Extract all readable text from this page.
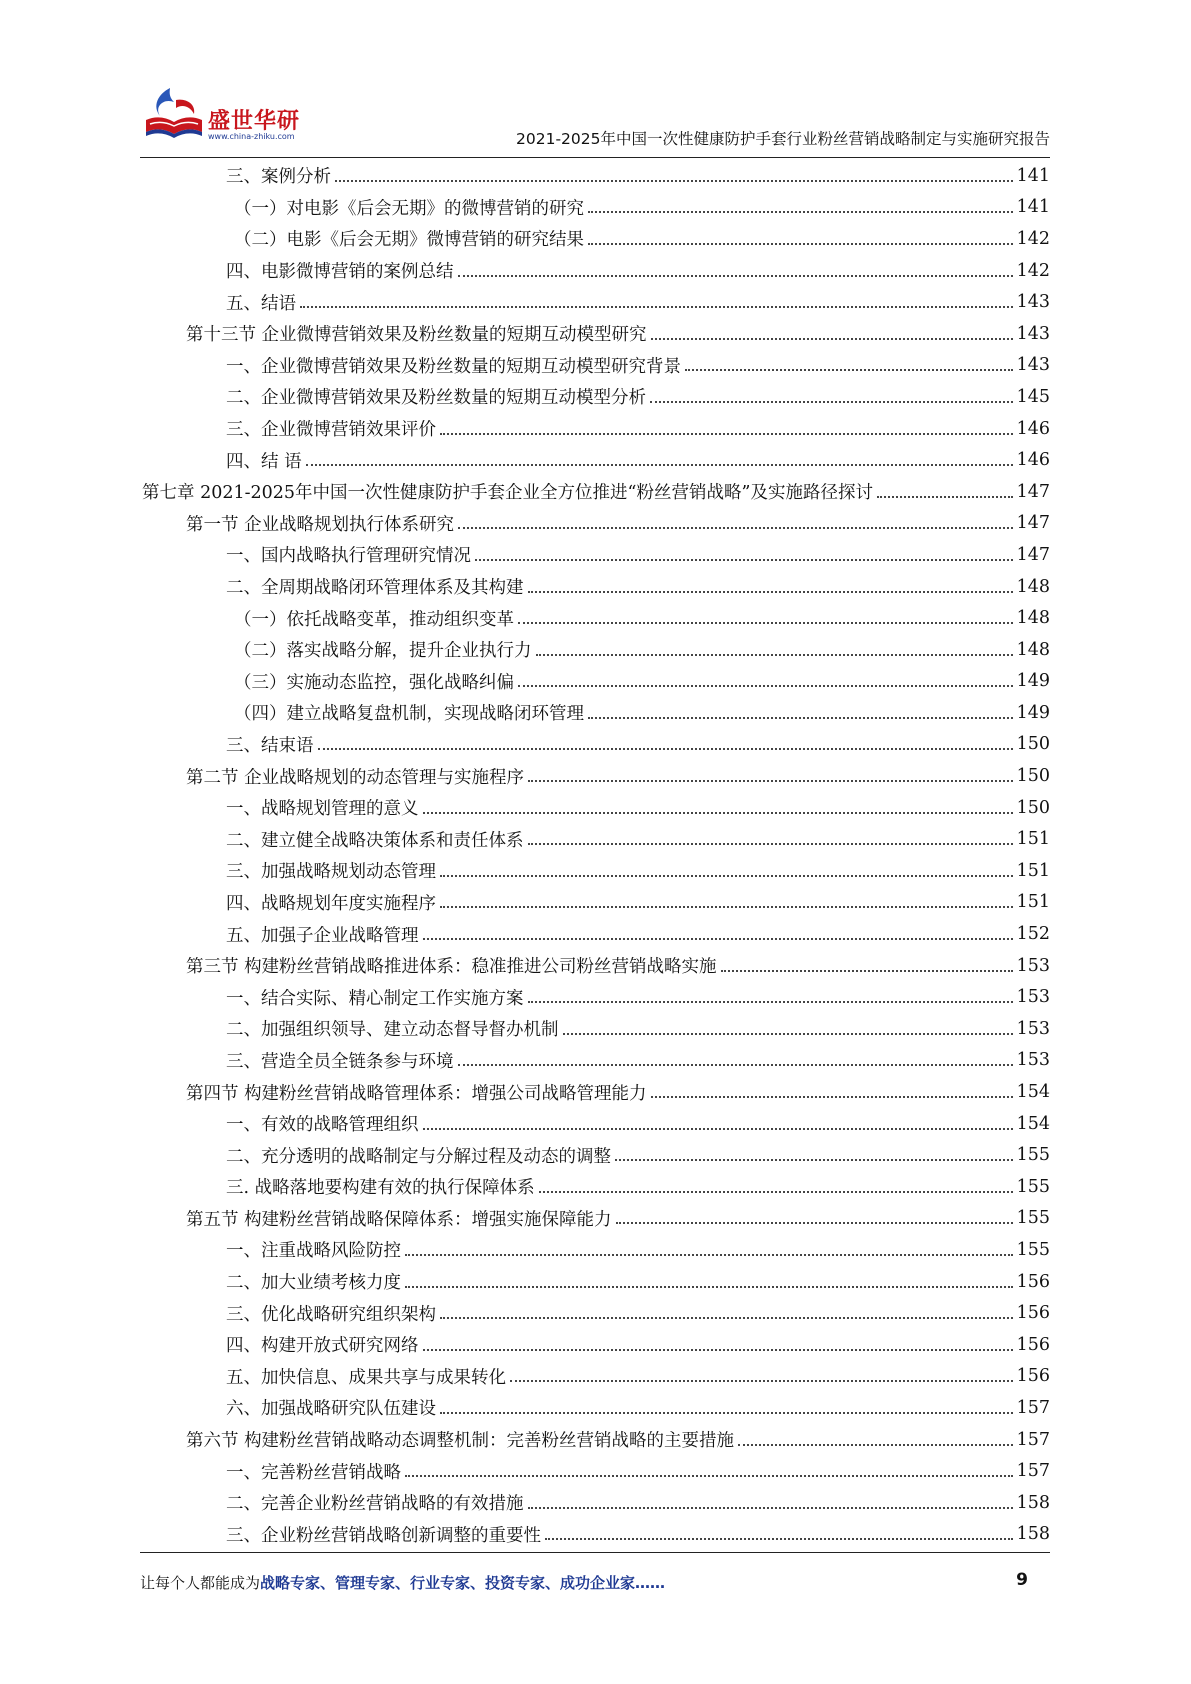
盛世华研
www.china-zhiku.com	2021-2025年中国一次性健康防护手套行业粉丝营销战略制定与实施研究报告
三、案例分析	141
（一）对电影《后会无期》的微博营销的研究	141
（二）电影《后会无期》微博营销的研究结果	142
四、电影微博营销的案例总结	142
五、结语	143
第十三节 企业微博营销效果及粉丝数量的短期互动模型研究	143
一、企业微博营销效果及粉丝数量的短期互动模型研究背景	143
二、企业微博营销效果及粉丝数量的短期互动模型分析	145
三、企业微博营销效果评价	146
四、结 语	146
第七章 2021-2025年中国一次性健康防护手套企业全方位推进“粉丝营销战略”及实施路径探讨	147
第一节 企业战略规划执行体系研究	147
一、国内战略执行管理研究情况	147
二、全周期战略闭环管理体系及其构建	148
（一）依托战略变革，推动组织变革	148
（二）落实战略分解，提升企业执行力	148
（三）实施动态监控，强化战略纠偏	149
（四）建立战略复盘机制，实现战略闭环管理	149
三、结束语	150
第二节 企业战略规划的动态管理与实施程序	150
一、战略规划管理的意义	150
二、建立健全战略决策体系和责任体系	151
三、加强战略规划动态管理	151
四、战略规划年度实施程序	151
五、加强子企业战略管理	152
第三节 构建粉丝营销战略推进体系：稳准推进公司粉丝营销战略实施	153
一、结合实际、精心制定工作实施方案	153
二、加强组织领导、建立动态督导督办机制	153
三、营造全员全链条参与环境	153
第四节 构建粉丝营销战略管理体系：增强公司战略管理能力	154
一、有效的战略管理组织	154
二、充分透明的战略制定与分解过程及动态的调整	155
三. 战略落地要构建有效的执行保障体系	155
第五节 构建粉丝营销战略保障体系：增强实施保障能力	155
一、注重战略风险防控	155
二、加大业绩考核力度	156
三、优化战略研究组织架构	156
四、构建开放式研究网络	156
五、加快信息、成果共享与成果转化	156
六、加强战略研究队伍建设	157
第六节 构建粉丝营销战略动态调整机制：完善粉丝营销战略的主要措施	157
一、完善粉丝营销战略	157
二、完善企业粉丝营销战略的有效措施	158
三、企业粉丝营销战略创新调整的重要性	158
让每个人都能成为战略专家、管理专家、行业专家、投资专家、成功企业家……	9
